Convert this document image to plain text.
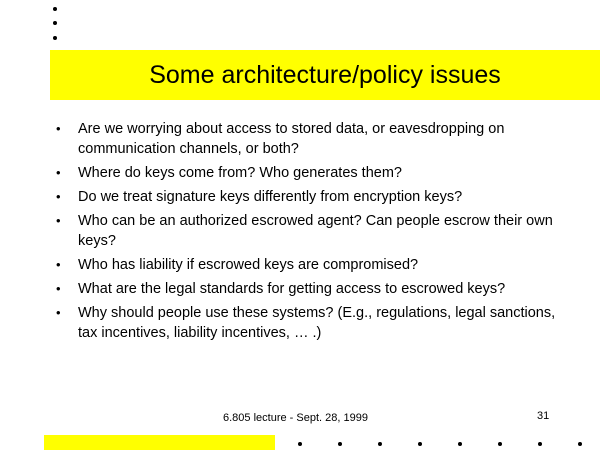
Some architecture/policy issues
• Are we worrying about access to stored data, or eavesdropping on communication channels, or both?
• Where do keys come from? Who generates them?
• Do we treat signature keys differently from encryption keys?
• Who can be an authorized escrowed agent? Can people escrow their own keys?
• Who has liability if escrowed keys are compromised?
• What are the legal standards for getting access to escrowed keys?
• Why should people use these systems? (E.g., regulations, legal sanctions, tax incentives, liability incentives, … .)
6.805 lecture - Sept. 28, 1999	31
